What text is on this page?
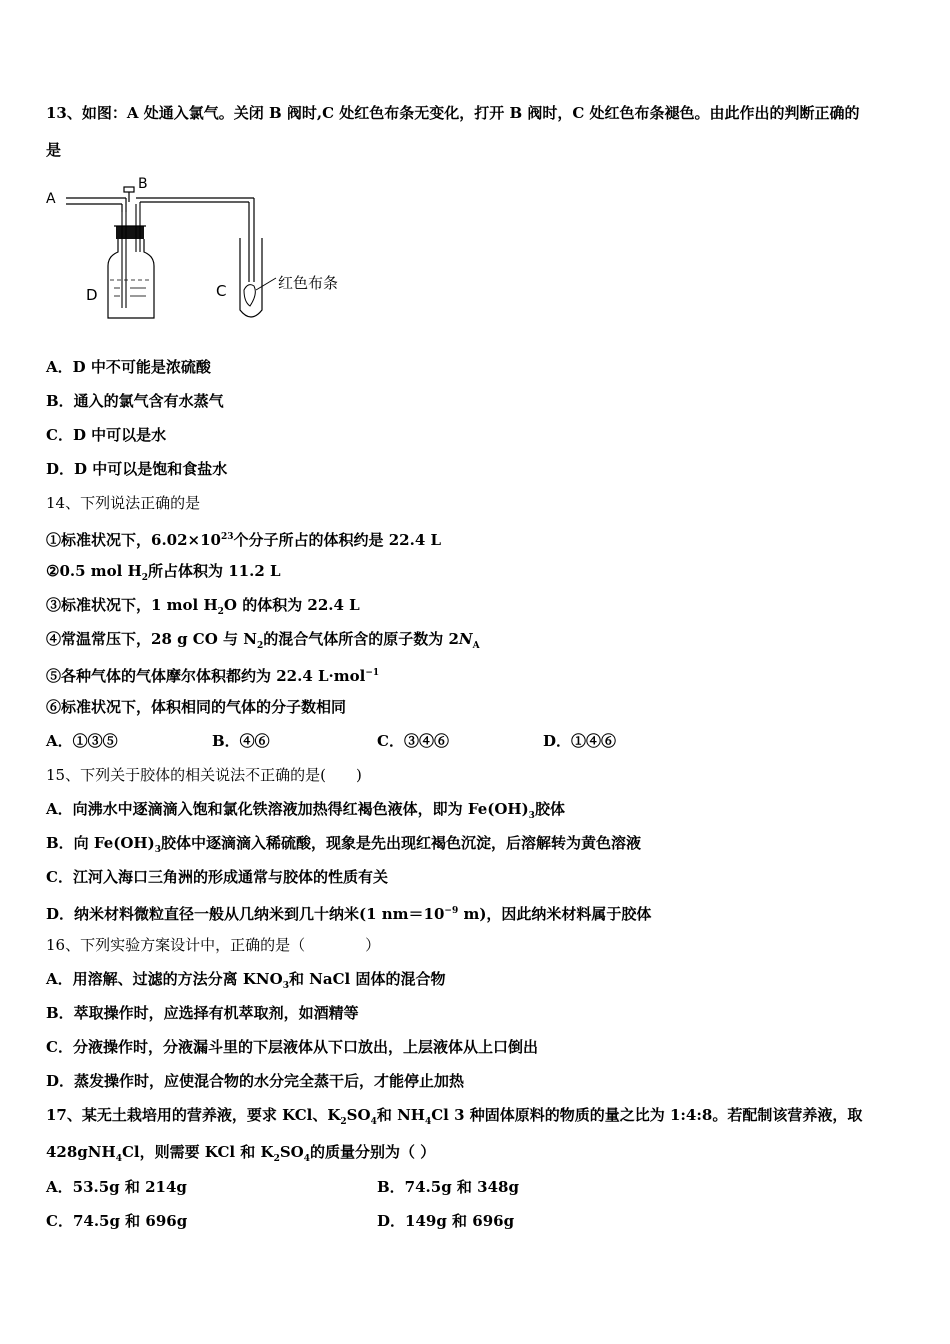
13、如图：A 处通入氯气。关闭 B 阀时,C 处红色布条无变化，打开 B 阀时，C 处红色布条褪色。由此作出的判断正确的
是
A
B
C
D
红色布条
A．D 中不可能是浓硫酸
B．通入的氯气含有水蒸气
C．D 中可以是水
D．D 中可以是饱和食盐水
14、下列说法正确的是
①标准状况下，$6.02\times 10^{23}$个分子所占的体积约是 22.4 L
②0.5 mol $H_2$所占体积为 11.2 L
③标准状况下，1 mol $H_2O$ 的体积为 22.4 L
④常温常压下，28 g CO 与 $N_2$的混合气体所含的原子数为 $2N_A$
⑤各种气体的气体摩尔体积都约为 22.4 L·mol$^{-1}$
⑥标准状况下，体积相同的气体的分子数相同
A．①③⑤	B．④⑥	C．③④⑥	D．①④⑥
15、下列关于胶体的相关说法不正确的是(　　)
A．向沸水中逐滴滴入饱和氯化铁溶液加热得红褐色液体，即为 $Fe(OH)_3$胶体
B．向 $Fe(OH)_3$胶体中逐滴滴入稀硫酸，现象是先出现红褐色沉淀，后溶解转为黄色溶液
C．江河入海口三角洲的形成通常与胶体的性质有关
D．纳米材料微粒直径一般从几纳米到几十纳米(1 $nm=10^{-9}$ m)，因此纳米材料属于胶体
16、下列实验方案设计中，正确的是（　　　　）
A．用溶解、过滤的方法分离 $KNO_3$和 NaCl 固体的混合物
B．萃取操作时，应选择有机萃取剂，如酒精等
C．分液操作时，分液漏斗里的下层液体从下口放出，上层液体从上口倒出
D．蒸发操作时，应使混合物的水分完全蒸干后，才能停止加热
17、某无土栽培用的营养液，要求 KCl、$K_2SO_4$和 $NH_4Cl$ 3 种固体原料的物质的量之比为 1:4:8。若配制该营养液，取
428gNH$_4$Cl，则需要 KCl 和 $K_2SO_4$的质量分别为（ ）
A．53.5g 和 214g	B．74.5g 和 348g
C．74.5g 和 696g	D．149g 和 696g
